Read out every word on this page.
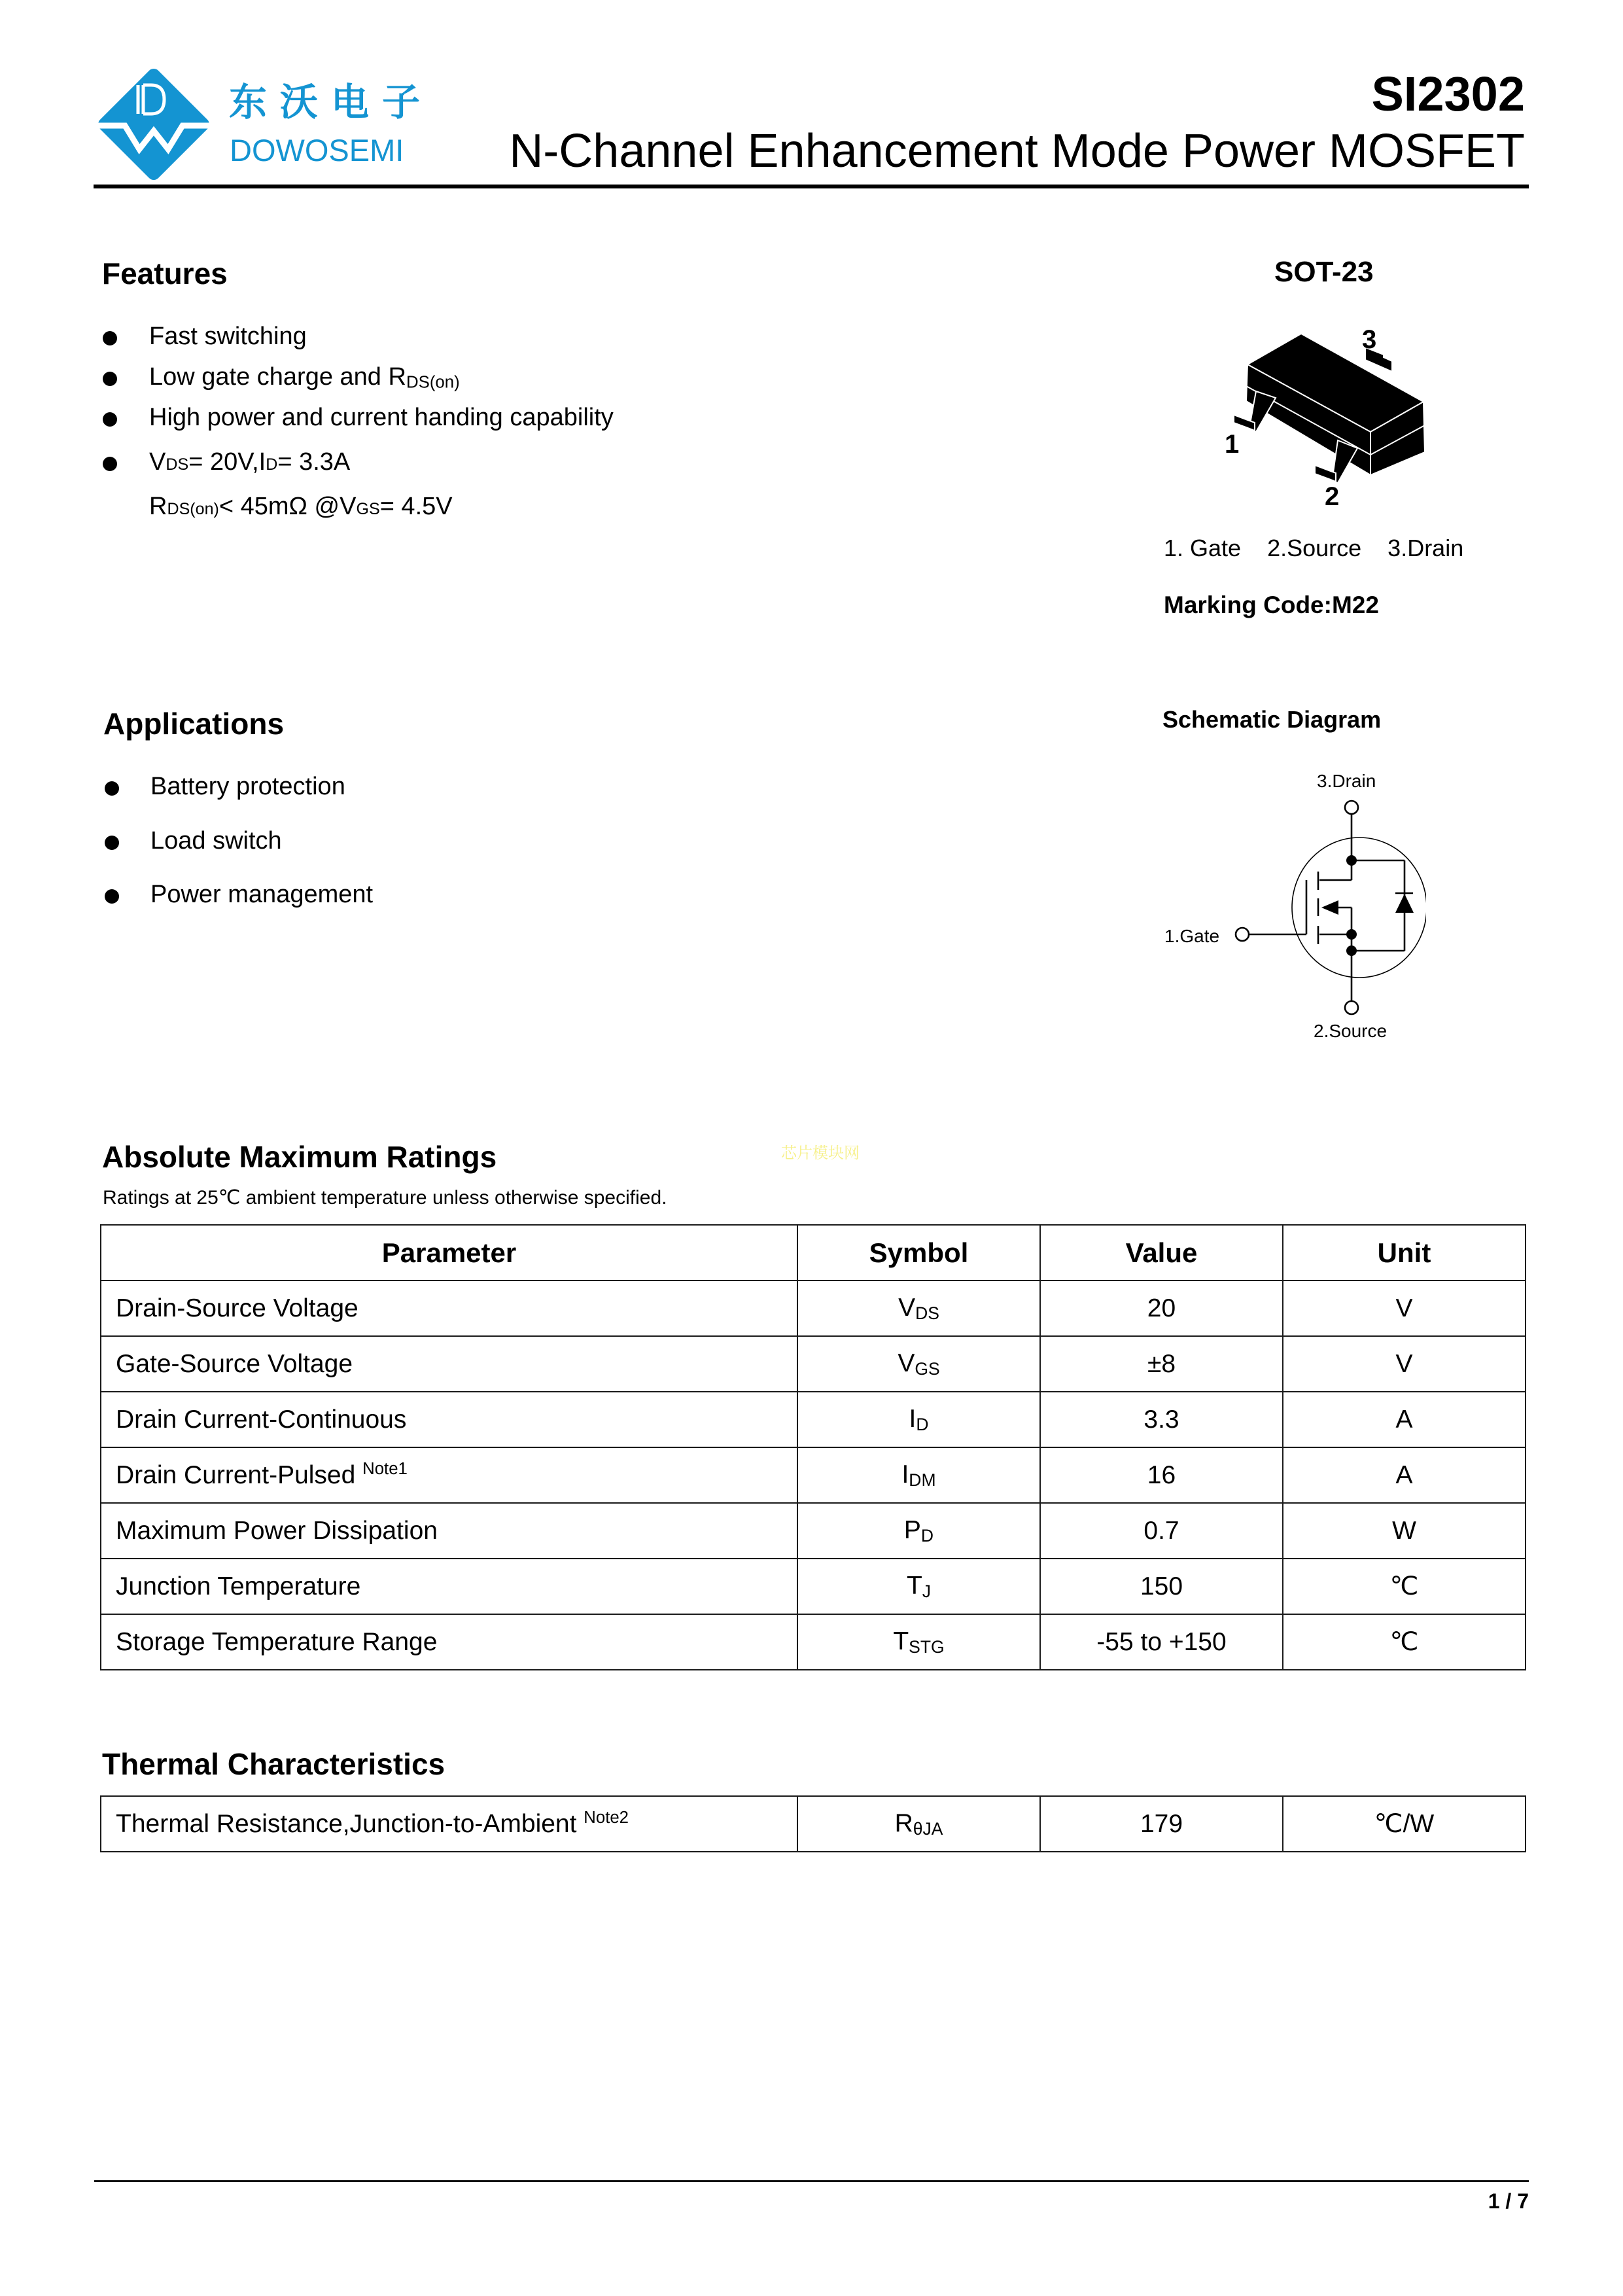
东沃电子
DOWOSEMI
SI2302
N-Channel Enhancement Mode Power MOSFET
Features
Fast switching
Low gate charge and RDS(on)
High power and current handing capability
VDS= 20V,ID= 3.3A
RDS(on)< 45mΩ @VGS= 4.5V
SOT-23
3
1
2
1. Gate 2.Source 3.Drain
Marking Code:M22
Applications
Battery protection
Load switch
Power management
Schematic Diagram
3.Drain
1.Gate
2.Source
Absolute Maximum Ratings	芯片模块网
Ratings at 25℃ ambient temperature unless otherwise specified.
Parameter	Symbol	Value	Unit
Drain-Source Voltage	VDS	20	V
Gate-Source Voltage	VGS	±8	V
Drain Current-Continuous	ID	3.3	A
Drain Current-Pulsed $^{Note1}$	IDM	16	A
Maximum Power Dissipation	PD	0.7	W
Junction Temperature	TJ	150	℃
Storage Temperature Range	TSTG	-55 to +150	℃
Thermal Characteristics
Thermal Resistance,Junction-to-Ambient $^{Note2}$	RθJA	179	℃/W
1 / 7
